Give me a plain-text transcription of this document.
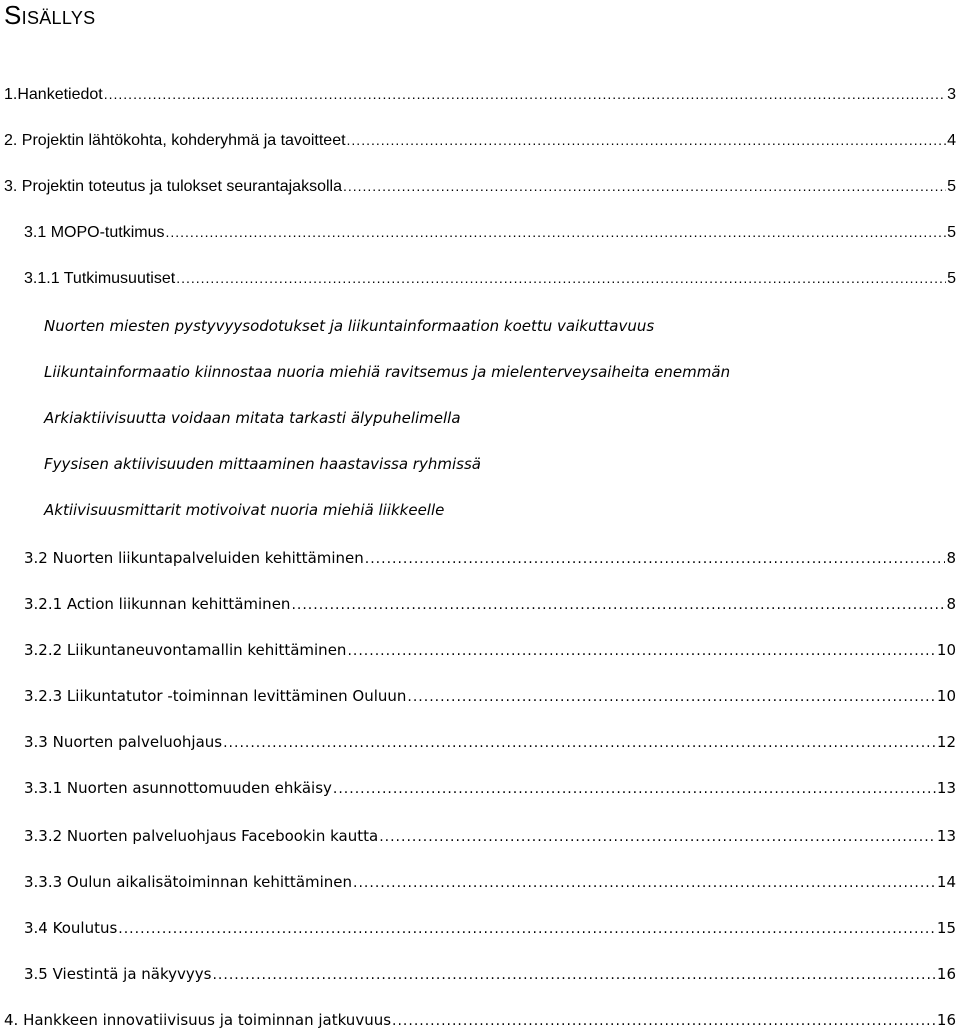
Sisällys
1.Hanketiedot .....	3
2. Projektin lähtökohta, kohderyhmä ja tavoitteet .....	4
3. Projektin toteutus ja tulokset seurantajaksolla .....	5
3.1 MOPO-tutkimus .....	5
3.1.1 Tutkimusuutiset .....	5
Nuorten miesten pystyvyysodotukset ja liikuntainformaation koettu vaikuttavuus
Liikuntainformaatio kiinnostaa nuoria miehiä ravitsemus ja mielenterveysaiheita enemmän
Arkiaktiivisuutta voidaan mitata tarkasti älypuhelimella
Fyysisen aktiivisuuden mittaaminen haastavissa ryhmissä
Aktiivisuusmittarit motivoivat nuoria miehiä liikkeelle
3.2 Nuorten liikuntapalveluiden kehittäminen .....	8
3.2.1 Action liikunnan kehittäminen .....	8
3.2.2 Liikuntaneuvontamallin kehittäminen .....	10
3.2.3 Liikuntatutor -toiminnan levittäminen Ouluun .....	10
3.3 Nuorten palveluohjaus .....	12
3.3.1 Nuorten asunnottomuuden ehkäisy .....	13
3.3.2 Nuorten palveluohjaus Facebookin kautta .....	13
3.3.3 Oulun aikalisätoiminnan kehittäminen .....	14
3.4 Koulutus .....	15
3.5 Viestintä ja näkyvyys .....	16
4. Hankkeen innovatiivisuus ja toiminnan jatkuvuus .....	16
